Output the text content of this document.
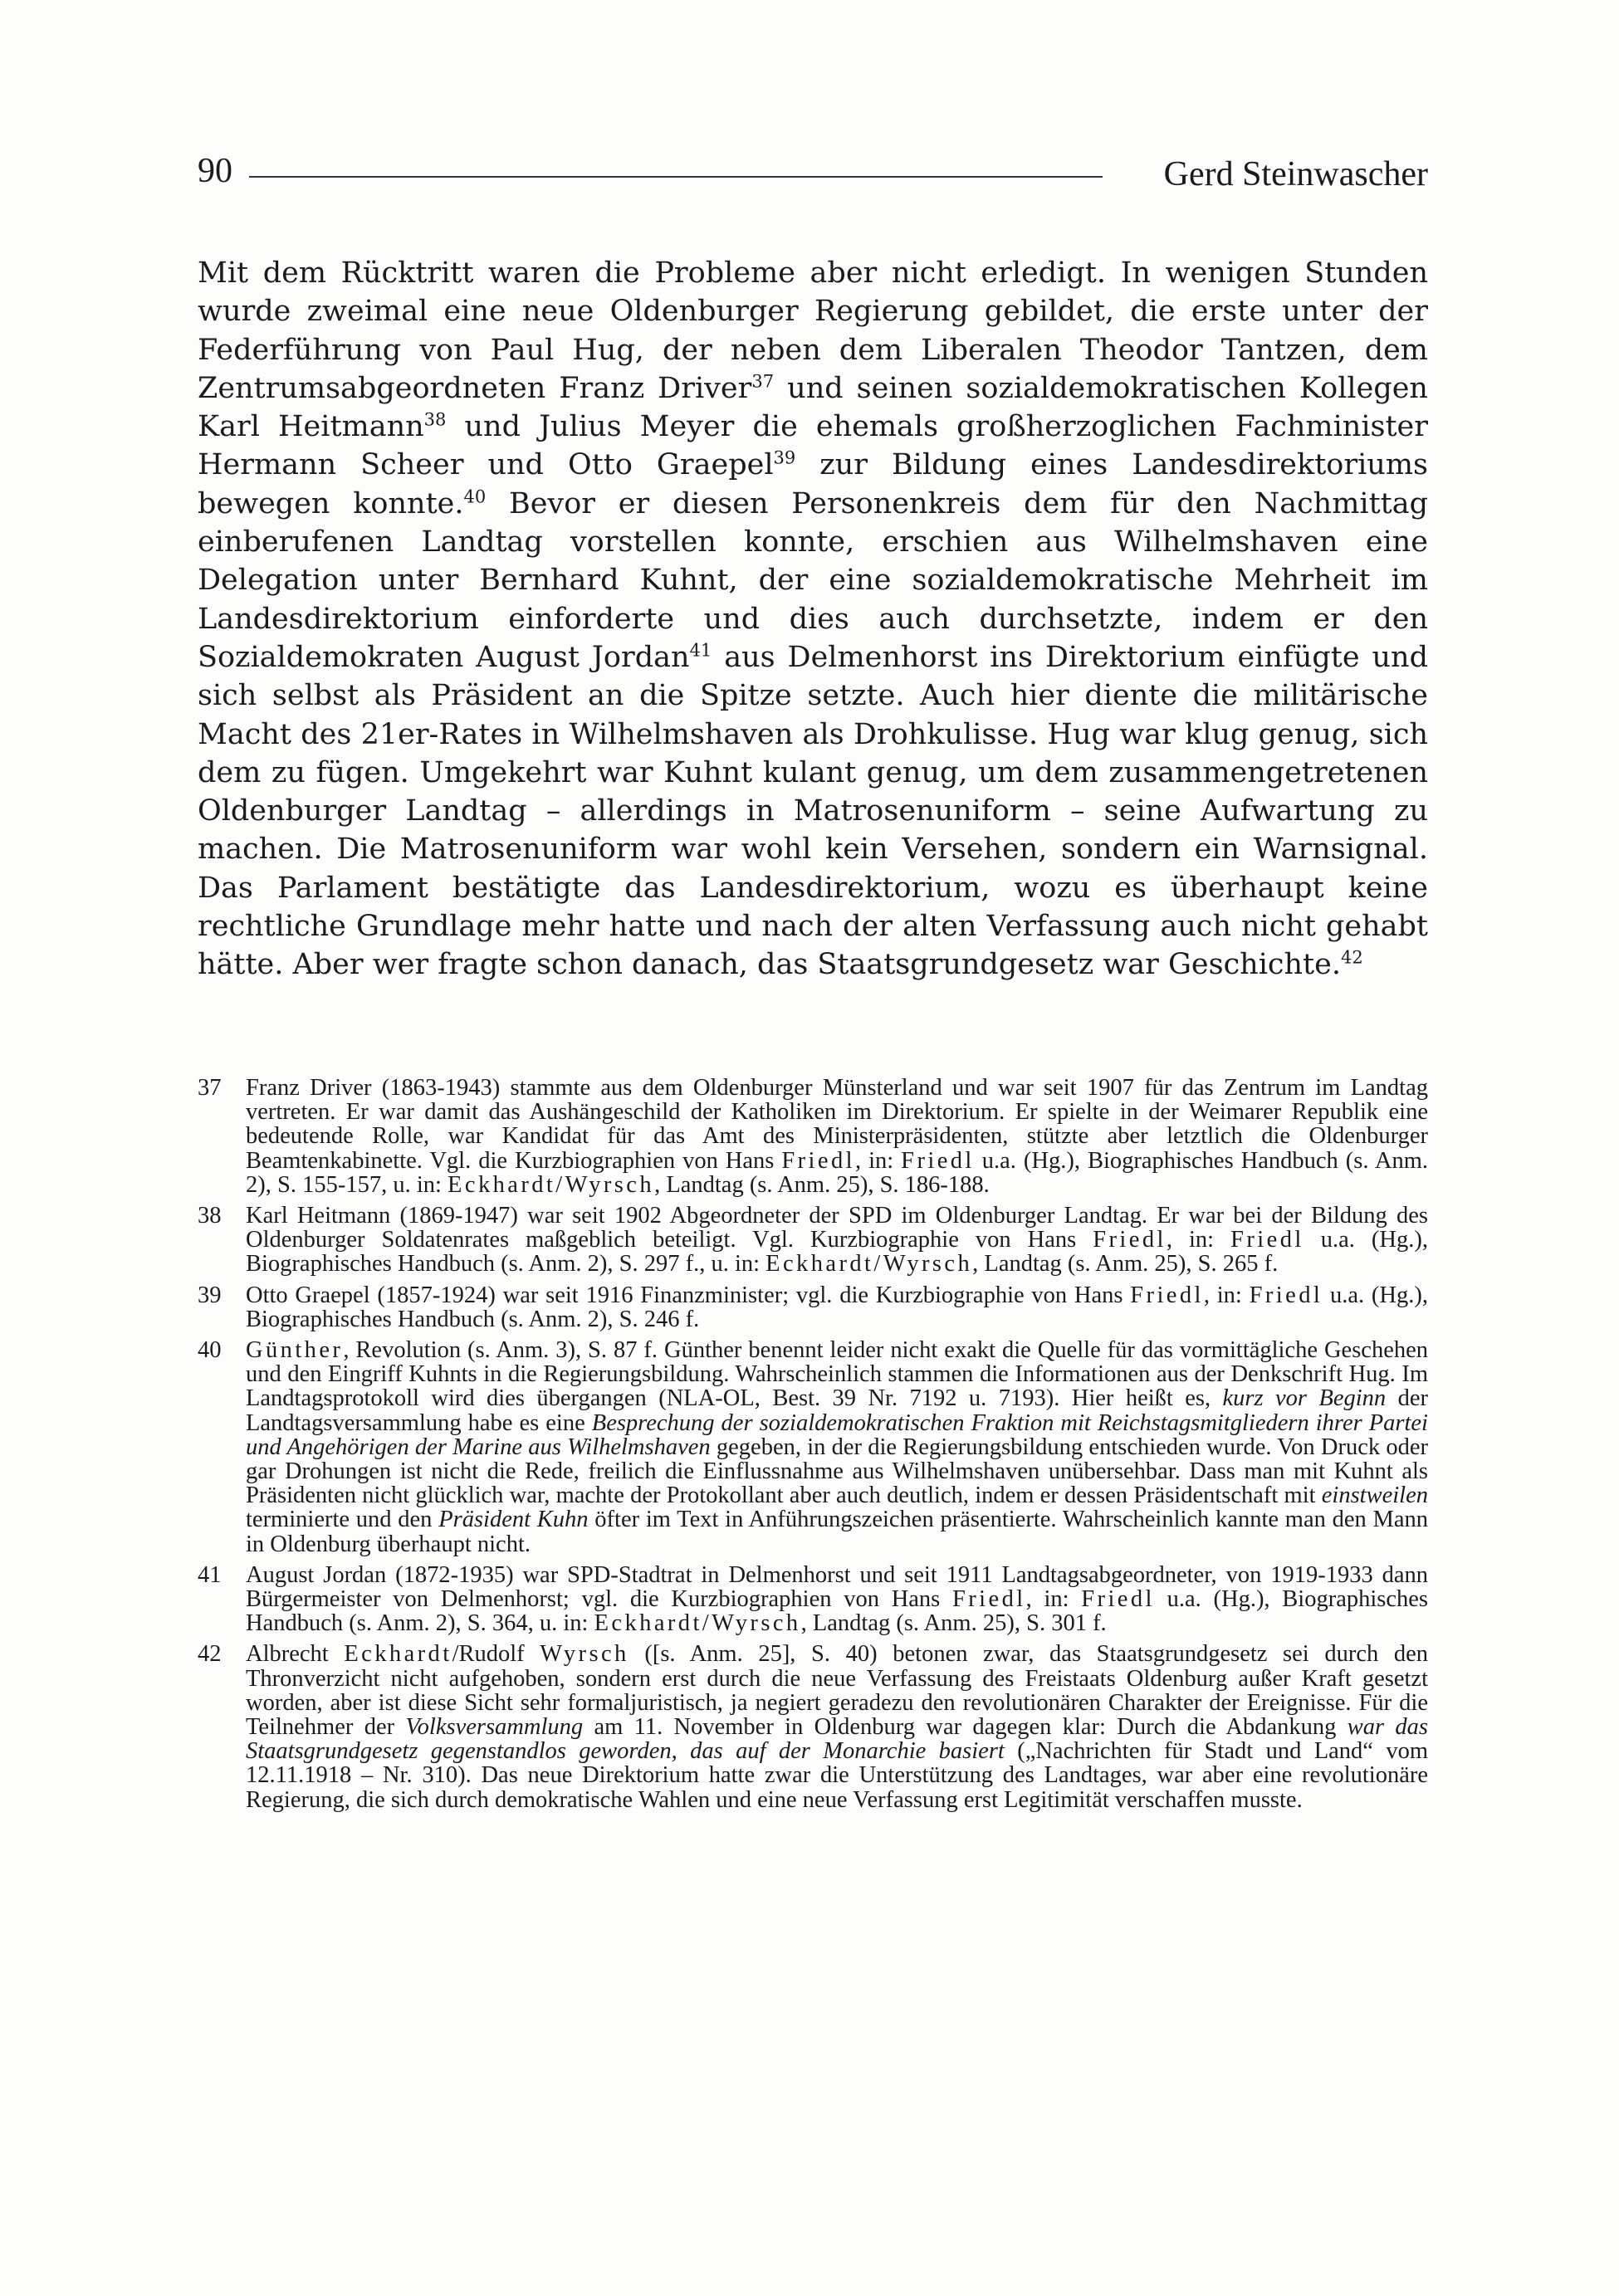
90	Gerd Steinwascher

Mit dem Rücktritt waren die Probleme aber nicht erledigt. In wenigen Stunden wurde zweimal eine neue Oldenburger Regierung gebildet, die erste unter der Federführung von Paul Hug, der neben dem Liberalen Theodor Tantzen, dem Zentrumsabgeordneten Franz Driver$^{37}$ und seinen sozialdemokratischen Kollegen Karl Heitmann$^{38}$ und Julius Meyer die ehemals großherzoglichen Fachminister Hermann Scheer und Otto Graepel$^{39}$ zur Bildung eines Landesdirektoriums bewegen konnte.$^{40}$ Bevor er diesen Personenkreis dem für den Nachmittag einberufenen Landtag vorstellen konnte, erschien aus Wilhelmshaven eine Delegation unter Bernhard Kuhnt, der eine sozialdemokratische Mehrheit im Landesdirektorium einforderte und dies auch durchsetzte, indem er den Sozialdemokraten August Jordan$^{41}$ aus Delmenhorst ins Direktorium einfügte und sich selbst als Präsident an die Spitze setzte. Auch hier diente die militärische Macht des 21er-Rates in Wilhelmshaven als Drohkulisse. Hug war klug genug, sich dem zu fügen. Umgekehrt war Kuhnt kulant genug, um dem zusammengetretenen Oldenburger Landtag – allerdings in Matrosenuniform – seine Aufwartung zu machen. Die Matrosenuniform war wohl kein Versehen, sondern ein Warnsignal. Das Parlament bestätigte das Landesdirektorium, wozu es überhaupt keine rechtliche Grundlage mehr hatte und nach der alten Verfassung auch nicht gehabt hätte. Aber wer fragte schon danach, das Staatsgrundgesetz war Geschichte.$^{42}$

37 Franz Driver (1863-1943) stammte aus dem Oldenburger Münsterland und war seit 1907 für das Zentrum im Landtag vertreten. Er war damit das Aushängeschild der Katholiken im Direktorium. Er spielte in der Weimarer Republik eine bedeutende Rolle, war Kandidat für das Amt des Ministerpräsidenten, stützte aber letztlich die Oldenburger Beamtenkabinette. Vgl. die Kurzbiographien von Hans Friedl, in: Friedl u.a. (Hg.), Biographisches Handbuch (s. Anm. 2), S. 155-157, u. in: Eckhardt/Wyrsch, Landtag (s. Anm. 25), S. 186-188.
38 Karl Heitmann (1869-1947) war seit 1902 Abgeordneter der SPD im Oldenburger Landtag. Er war bei der Bildung des Oldenburger Soldatenrates maßgeblich beteiligt. Vgl. Kurzbiographie von Hans Friedl, in: Friedl u.a. (Hg.), Biographisches Handbuch (s. Anm. 2), S. 297 f., u. in: Eckhardt/Wyrsch, Landtag (s. Anm. 25), S. 265 f.
39 Otto Graepel (1857-1924) war seit 1916 Finanzminister; vgl. die Kurzbiographie von Hans Friedl, in: Friedl u.a. (Hg.), Biographisches Handbuch (s. Anm. 2), S. 246 f.
40 Günther, Revolution (s. Anm. 3), S. 87 f. Günther benennt leider nicht exakt die Quelle für das vormittägliche Geschehen und den Eingriff Kuhnts in die Regierungsbildung. Wahrscheinlich stammen die Informationen aus der Denkschrift Hug. Im Landtagsprotokoll wird dies übergangen (NLA-OL, Best. 39 Nr. 7192 u. 7193). Hier heißt es, kurz vor Beginn der Landtagsversammlung habe es eine Besprechung der sozialdemokratischen Fraktion mit Reichstagsmitgliedern ihrer Partei und Angehörigen der Marine aus Wilhelmshaven gegeben, in der die Regierungsbildung entschieden wurde. Von Druck oder gar Drohungen ist nicht die Rede, freilich die Einflussnahme aus Wilhelmshaven unübersehbar. Dass man mit Kuhnt als Präsidenten nicht glücklich war, machte der Protokollant aber auch deutlich, indem er dessen Präsidentschaft mit einstweilen terminierte und den Präsident Kuhn öfter im Text in Anführungszeichen präsentierte. Wahrscheinlich kannte man den Mann in Oldenburg überhaupt nicht.
41 August Jordan (1872-1935) war SPD-Stadtrat in Delmenhorst und seit 1911 Landtagsabgeordneter, von 1919-1933 dann Bürgermeister von Delmenhorst; vgl. die Kurzbiographien von Hans Friedl, in: Friedl u.a. (Hg.), Biographisches Handbuch (s. Anm. 2), S. 364, u. in: Eckhardt/Wyrsch, Landtag (s. Anm. 25), S. 301 f.
42 Albrecht Eckhardt/Rudolf Wyrsch ([s. Anm. 25], S. 40) betonen zwar, das Staatsgrundgesetz sei durch den Thronverzicht nicht aufgehoben, sondern erst durch die neue Verfassung des Freistaats Oldenburg außer Kraft gesetzt worden, aber ist diese Sicht sehr formaljuristisch, ja negiert geradezu den revolutionären Charakter der Ereignisse. Für die Teilnehmer der Volksversammlung am 11. November in Oldenburg war dagegen klar: Durch die Abdankung war das Staatsgrundgesetz gegenstandlos geworden, das auf der Monarchie basiert („Nachrichten für Stadt und Land“ vom 12.11.1918 – Nr. 310). Das neue Direktorium hatte zwar die Unterstützung des Landtages, war aber eine revolutionäre Regierung, die sich durch demokratische Wahlen und eine neue Verfassung erst Legitimität verschaffen musste.
